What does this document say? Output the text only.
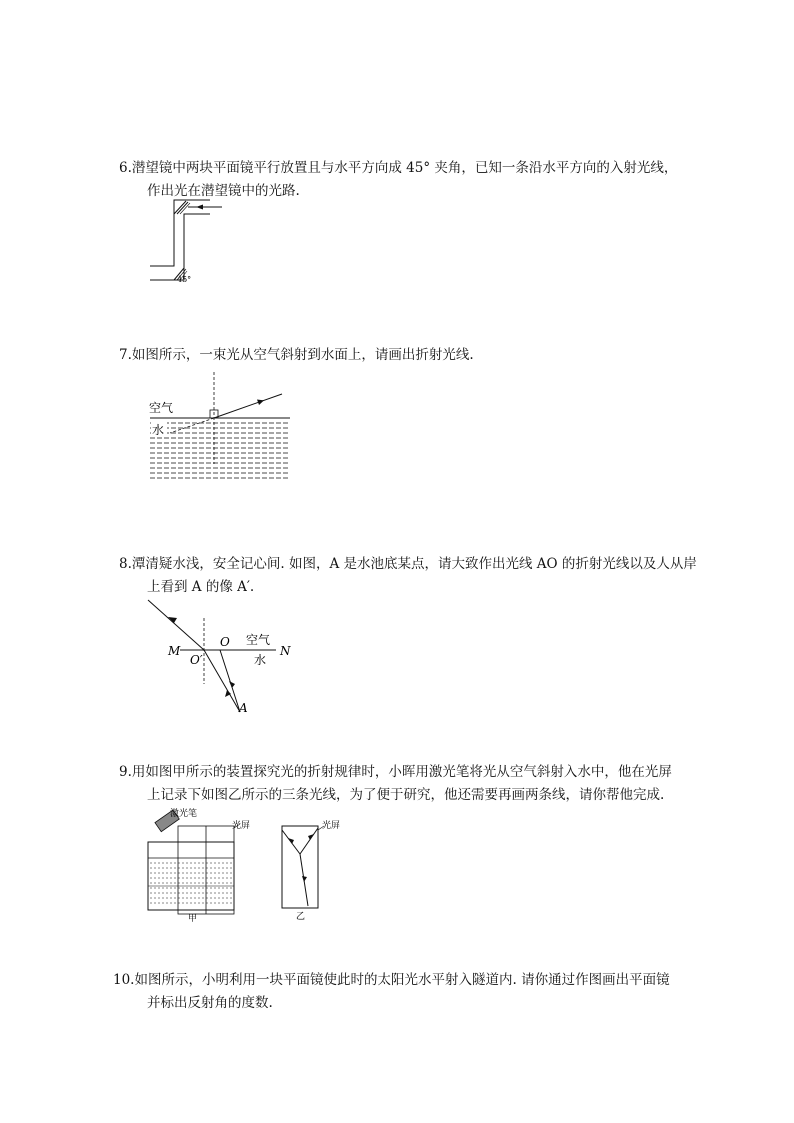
6.潜望镜中两块平面镜平行放置且与水平方向成 45° 夹角，已知一条沿水平方向的入射光线，
作出光在潜望镜中的光路.
45°
7.如图所示，一束光从空气斜射到水面上，请画出折射光线.
空气
水
8.潭清疑水浅，安全记心间. 如图，A 是水池底某点，请大致作出光线 AO 的折射光线以及人从岸
上看到 A 的像 A′.
M	N
O
O′
A
空气
水
9.用如图甲所示的装置探究光的折射规律时，小晖用激光笔将光从空气斜射入水中，他在光屏
上记录下如图乙所示的三条光线，为了便于研究，他还需要再画两条线，请你帮他完成.
激光笔
光屏
甲
光屏
乙
10.如图所示，小明利用一块平面镜使此时的太阳光水平射入隧道内. 请你通过作图画出平面镜
并标出反射角的度数.
